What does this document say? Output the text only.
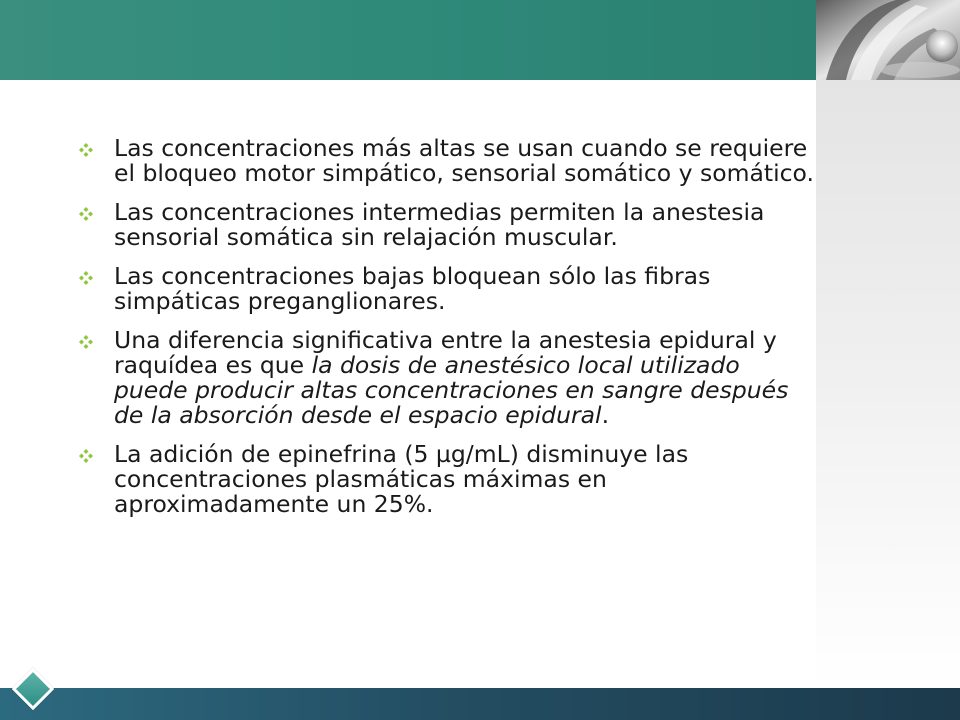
Las concentraciones más altas se usan cuando se requiere el bloqueo motor simpático, sensorial somático y somático.
Las concentraciones intermedias permiten la anestesia sensorial somática sin relajación muscular.
Las concentraciones bajas bloquean sólo las fibras simpáticas preganglionares.
Una diferencia significativa entre la anestesia epidural y raquídea es que la dosis de anestésico local utilizado puede producir altas concentraciones en sangre después de la absorción desde el espacio epidural.
La adición de epinefrina (5 µg/mL) disminuye las concentraciones plasmáticas máximas en aproximadamente un 25%.
